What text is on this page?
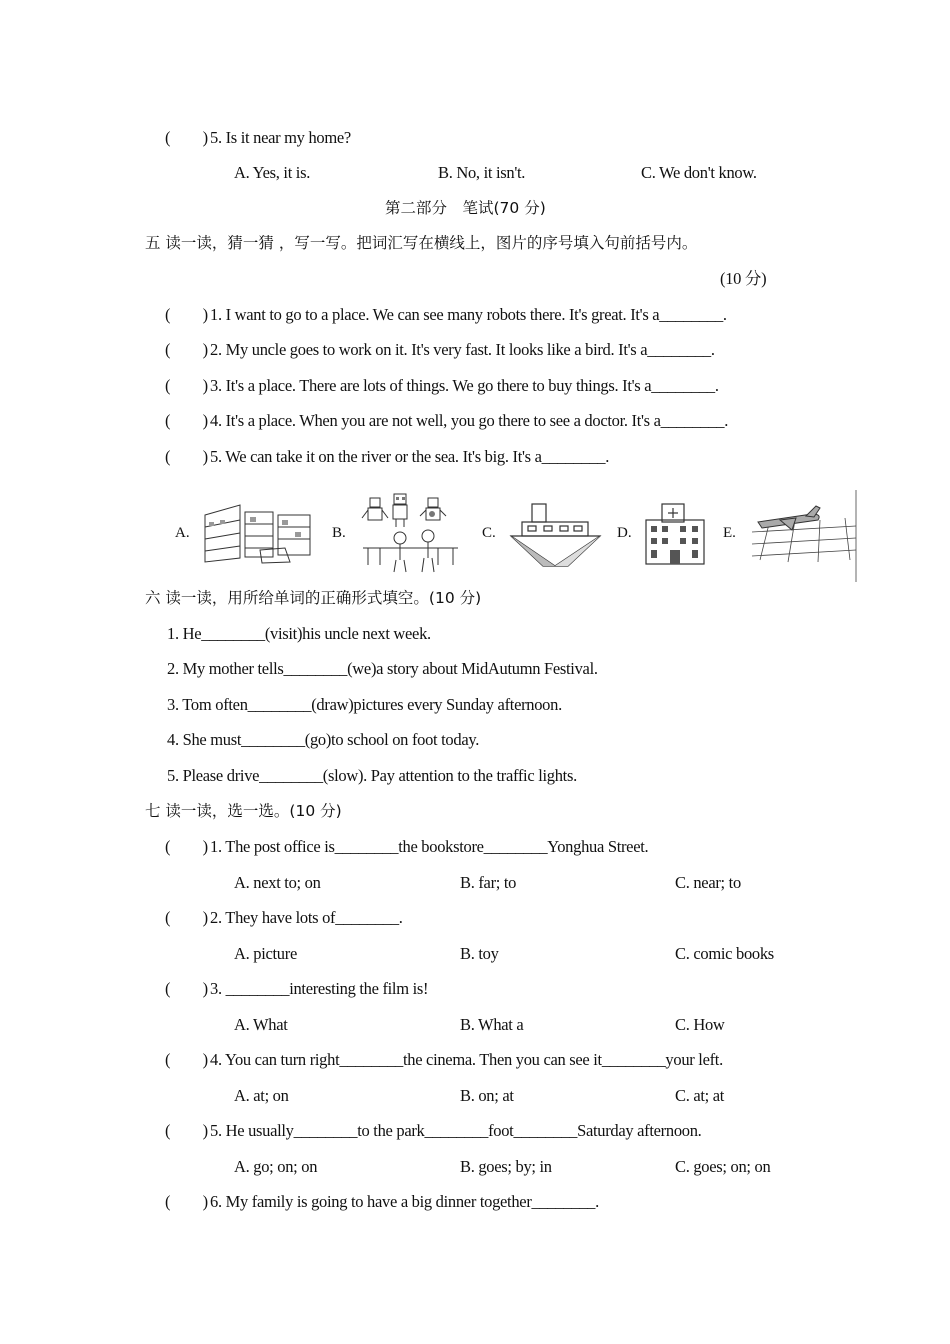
(　　) 5. Is it near my home?
A. Yes, it is.	B. No, it isn't.	C. We don't know.
第二部分　笔试(70 分)
五 读一读，猜一猜 ，写一写。把词汇写在横线上，图片的序号填入句前括号内。
(10 分)
(　　) 1. I want to go to a place. We can see many robots there. It's great. It's a________.
(　　) 2. My uncle goes to work on it. It's very fast. It looks like a bird. It's a________.
(　　) 3. It's a place. There are lots of things. We go there to buy things. It's a________.
(　　) 4. It's a place. When you are not well, you go there to see a doctor. It's a________.
(　　) 5. We can take it on the river or the sea. It's big. It's a________.
A.	B.	C.	D.	E.
六 读一读，用所给单词的正确形式填空。(10 分)
1. He________(visit)his uncle next week.
2. My mother tells________(we)a story about MidAutumn Festival.
3. Tom often________(draw)pictures every Sunday afternoon.
4. She must________(go)to school on foot today.
5. Please drive________(slow). Pay attention to the traffic lights.
七 读一读，选一选。(10 分)
(　　) 1. The post office is________the bookstore________Yonghua Street.
A. next to; on	B. far; to	C. near; to
(　　) 2. They have lots of________.
A. picture	B. toy	C. comic books
(　　) 3. ________interesting the film is!
A. What	B. What a	C. How
(　　) 4. You can turn right________the cinema. Then you can see it________your left.
A. at; on	B. on; at	C. at; at
(　　) 5. He usually________to the park________foot________Saturday afternoon.
A. go; on; on	B. goes; by; in	C. goes; on; on
(　　) 6. My family is going to have a big dinner together________.
